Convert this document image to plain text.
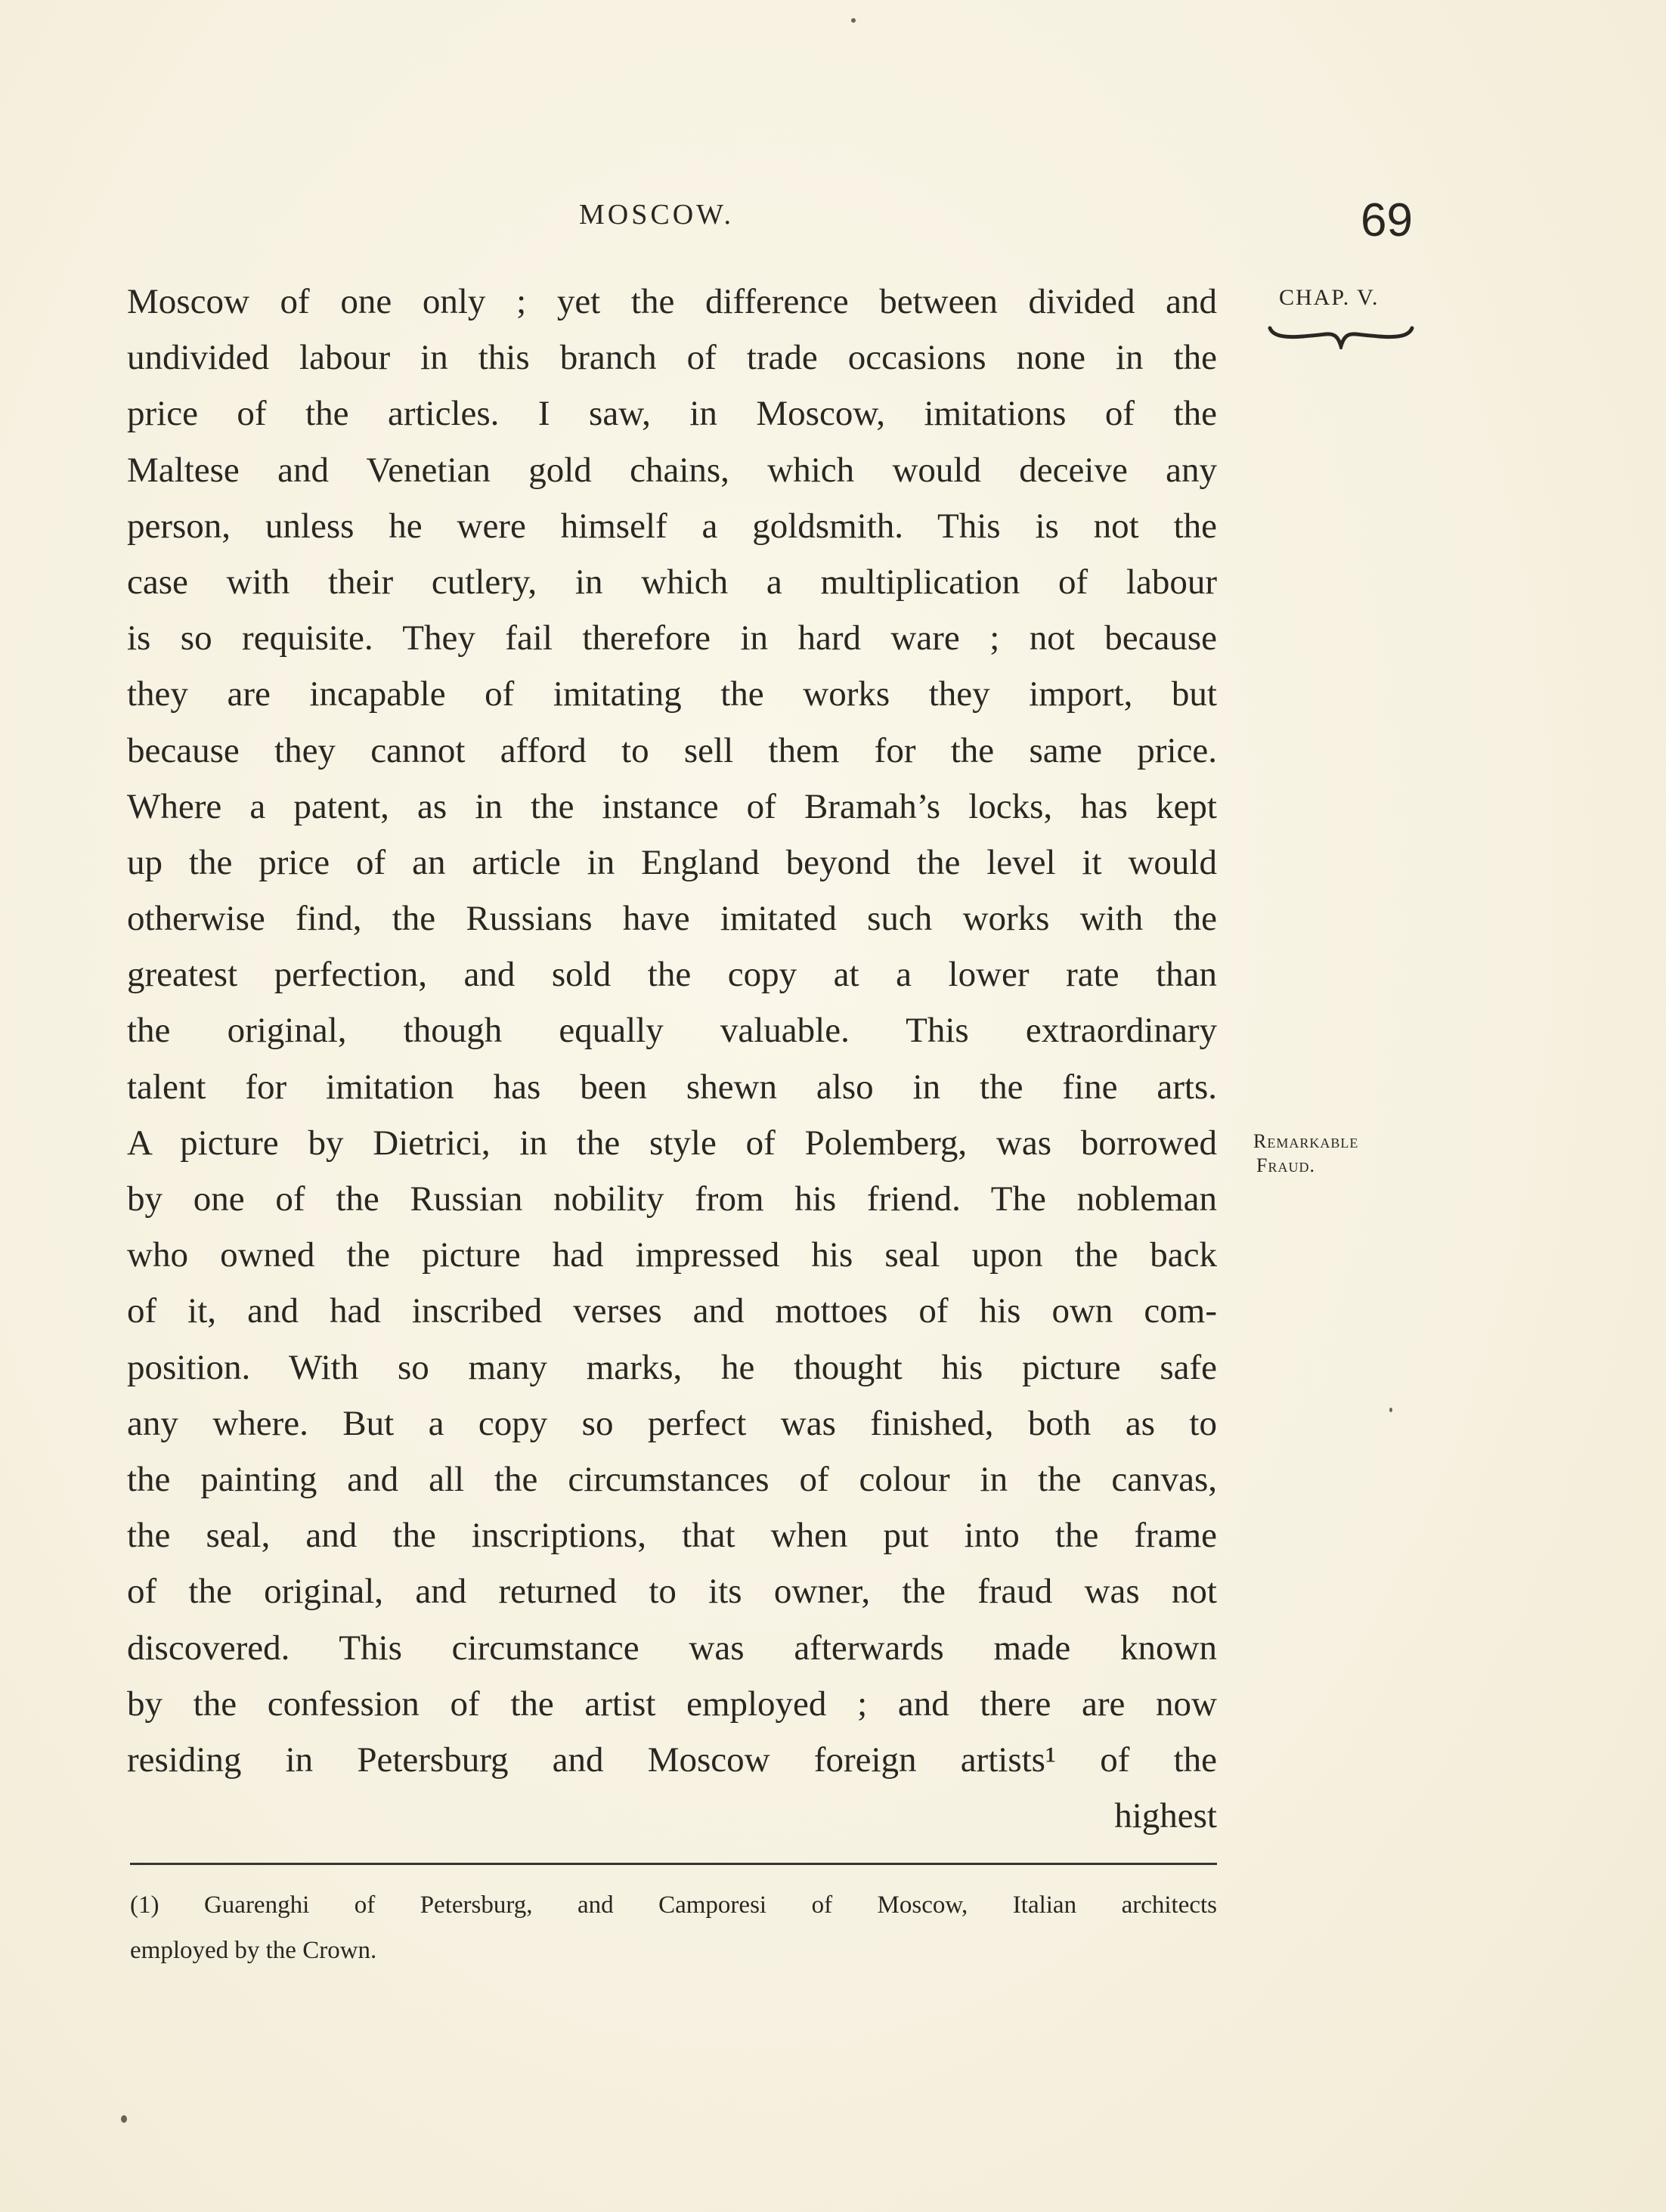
MOSCOW.	69
CHAP. V.
Remarkable
Fraud.
Moscow of one only ; yet the difference between divided and
undivided labour in this branch of trade occasions none in the
price of the articles. I saw, in Moscow, imitations of the
Maltese and Venetian gold chains, which would deceive any
person, unless he were himself a goldsmith. This is not the
case with their cutlery, in which a multiplication of labour
is so requisite. They fail therefore in hard ware ; not because
they are incapable of imitating the works they import, but
because they cannot afford to sell them for the same price.
Where a patent, as in the instance of Bramah’s locks, has kept
up the price of an article in England beyond the level it would
otherwise find, the Russians have imitated such works with the
greatest perfection, and sold the copy at a lower rate than
the original, though equally valuable. This extraordinary
talent for imitation has been shewn also in the fine arts.
A picture by Dietrici, in the style of Polemberg, was borrowed
by one of the Russian nobility from his friend. The nobleman
who owned the picture had impressed his seal upon the back
of it, and had inscribed verses and mottoes of his own com-
position. With so many marks, he thought his picture safe
any where. But a copy so perfect was finished, both as to
the painting and all the circumstances of colour in the canvas,
the seal, and the inscriptions, that when put into the frame
of the original, and returned to its owner, the fraud was not
discovered. This circumstance was afterwards made known
by the confession of the artist employed ; and there are now
residing in Petersburg and Moscow foreign artists¹ of the
highest
(1) Guarenghi of Petersburg, and Camporesi of Moscow, Italian architects
employed by the Crown.
